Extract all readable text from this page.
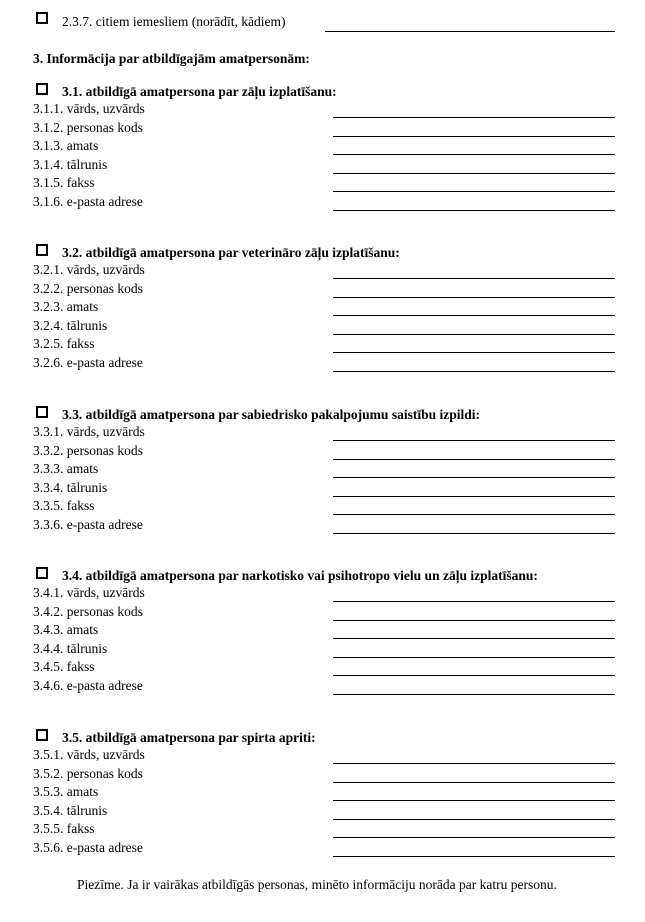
2.3.7. citiem iemesliem (norādīt, kādiem)
3. Informācija par atbildīgajām amatpersonām:
3.1. atbildīgā amatpersona par zāļu izplatīšanu:
3.1.1. vārds, uzvārds
3.1.2. personas kods
3.1.3. amats
3.1.4. tālrunis
3.1.5. fakss
3.1.6. e-pasta adrese
3.2. atbildīgā amatpersona par veterināro zāļu izplatīšanu:
3.2.1. vārds, uzvārds
3.2.2. personas kods
3.2.3. amats
3.2.4. tālrunis
3.2.5. fakss
3.2.6. e-pasta adrese
3.3. atbildīgā amatpersona par sabiedrisko pakalpojumu saistību izpildi:
3.3.1. vārds, uzvārds
3.3.2. personas kods
3.3.3. amats
3.3.4. tālrunis
3.3.5. fakss
3.3.6. e-pasta adrese
3.4. atbildīgā amatpersona par narkotisko vai psihotropo vielu un zāļu izplatīšanu:
3.4.1. vārds, uzvārds
3.4.2. personas kods
3.4.3. amats
3.4.4. tālrunis
3.4.5. fakss
3.4.6. e-pasta adrese
3.5. atbildīgā amatpersona par spirta apriti:
3.5.1. vārds, uzvārds
3.5.2. personas kods
3.5.3. amats
3.5.4. tālrunis
3.5.5. fakss
3.5.6. e-pasta adrese
Piezīme. Ja ir vairākas atbildīgās personas, minēto informāciju norāda par katru personu.
